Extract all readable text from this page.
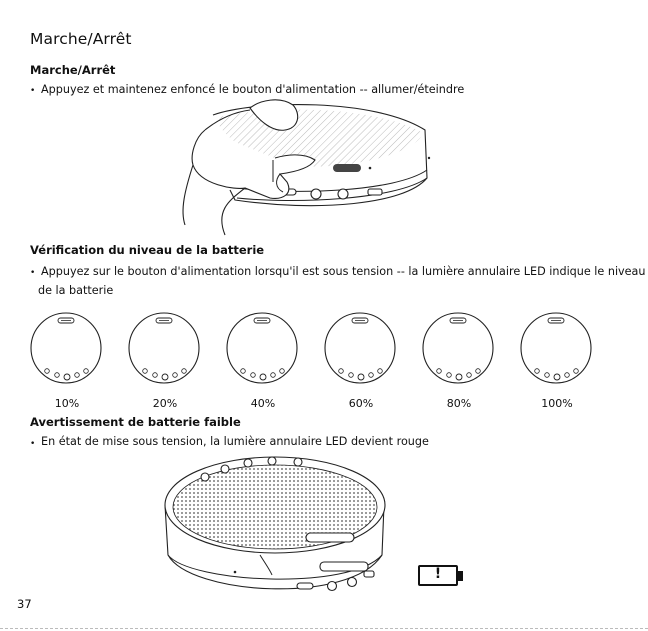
Marche/Arrêt
Marche/Arrêt
• Appuyez et maintenez enfoncé le bouton d'alimentation -- allumer/éteindre
Vérification du niveau de la batterie
• Appuyez sur le bouton d'alimentation lorsqu'il est sous tension -- la lumière annulaire LED indique le niveau
de la batterie
10%	20%	40%	60%	80%	100%
Avertissement de batterie faible
• En état de mise sous tension, la lumière annulaire LED devient rouge
!
37
